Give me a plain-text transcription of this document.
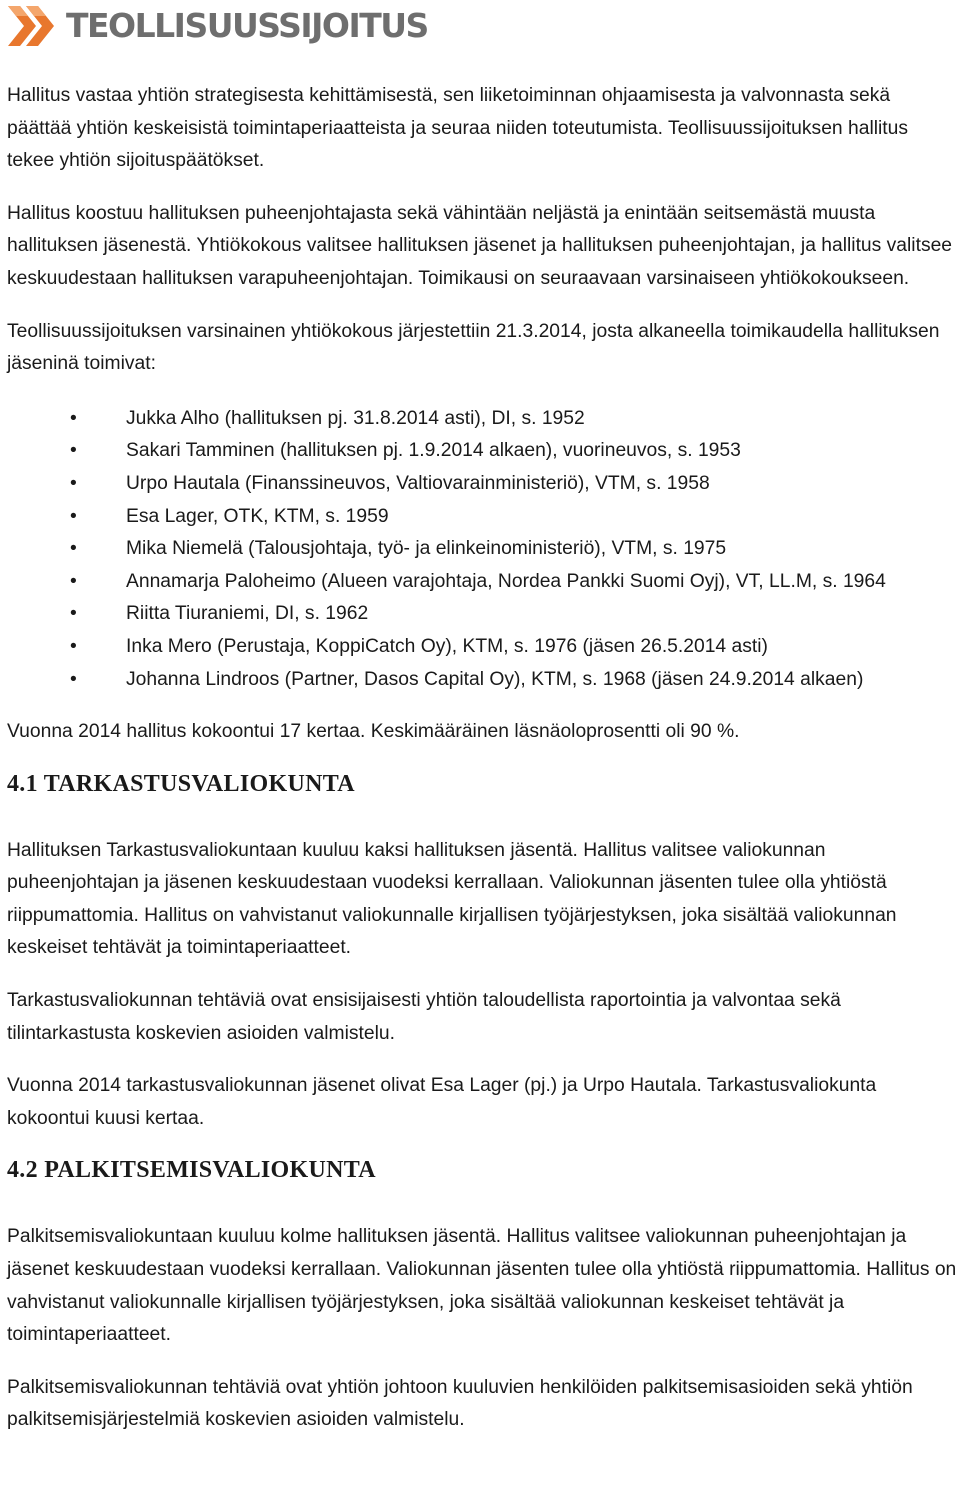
TEOLLISUUSSIJOITUS

Hallitus vastaa yhtiön strategisesta kehittämisestä, sen liiketoiminnan ohjaamisesta ja valvonnasta sekä päättää yhtiön keskeisistä toimintaperiaatteista ja seuraa niiden toteutumista. Teollisuussijoituksen hallitus tekee yhtiön sijoituspäätökset.

Hallitus koostuu hallituksen puheenjohtajasta sekä vähintään neljästä ja enintään seitsemästä muusta hallituksen jäsenestä. Yhtiökokous valitsee hallituksen jäsenet ja hallituksen puheenjohtajan, ja hallitus valitsee keskuudestaan hallituksen varapuheenjohtajan. Toimikausi on seuraavaan varsinaiseen yhtiökokoukseen.

Teollisuussijoituksen varsinainen yhtiökokous järjestettiin 21.3.2014, josta alkaneella toimikaudella hallituksen jäseninä toimivat:

•	Jukka Alho (hallituksen pj. 31.8.2014 asti), DI, s. 1952
•	Sakari Tamminen (hallituksen pj. 1.9.2014 alkaen), vuorineuvos, s. 1953
•	Urpo Hautala (Finanssineuvos, Valtiovarainministeriö), VTM, s. 1958
•	Esa Lager, OTK, KTM, s. 1959
•	Mika Niemelä (Talousjohtaja, työ- ja elinkeinoministeriö), VTM, s. 1975
•	Annamarja Paloheimo (Alueen varajohtaja, Nordea Pankki Suomi Oyj), VT, LL.M, s. 1964
•	Riitta Tiuraniemi, DI, s. 1962
•	Inka Mero (Perustaja, KoppiCatch Oy), KTM, s. 1976 (jäsen 26.5.2014 asti)
•	Johanna Lindroos (Partner, Dasos Capital Oy), KTM, s. 1968 (jäsen 24.9.2014 alkaen)

Vuonna 2014 hallitus kokoontui 17 kertaa. Keskimääräinen läsnäoloprosentti oli 90 %.

4.1 TARKASTUSVALIOKUNTA

Hallituksen Tarkastusvaliokuntaan kuuluu kaksi hallituksen jäsentä. Hallitus valitsee valiokunnan puheenjohtajan ja jäsenen keskuudestaan vuodeksi kerrallaan. Valiokunnan jäsenten tulee olla yhtiöstä riippumattomia. Hallitus on vahvistanut valiokunnalle kirjallisen työjärjestyksen, joka sisältää valiokunnan keskeiset tehtävät ja toimintaperiaatteet.

Tarkastusvaliokunnan tehtäviä ovat ensisijaisesti yhtiön taloudellista raportointia ja valvontaa sekä tilintarkastusta koskevien asioiden valmistelu.

Vuonna 2014 tarkastusvaliokunnan jäsenet olivat Esa Lager (pj.) ja Urpo Hautala. Tarkastusvaliokunta kokoontui kuusi kertaa.

4.2 PALKITSEMISVALIOKUNTA

Palkitsemisvaliokuntaan kuuluu kolme hallituksen jäsentä. Hallitus valitsee valiokunnan puheenjohtajan ja jäsenet keskuudestaan vuodeksi kerrallaan. Valiokunnan jäsenten tulee olla yhtiöstä riippumattomia. Hallitus on vahvistanut valiokunnalle kirjallisen työjärjestyksen, joka sisältää valiokunnan keskeiset tehtävät ja toimintaperiaatteet.

Palkitsemisvaliokunnan tehtäviä ovat yhtiön johtoon kuuluvien henkilöiden palkitsemisasioiden sekä yhtiön palkitsemisjärjestelmiä koskevien asioiden valmistelu.
